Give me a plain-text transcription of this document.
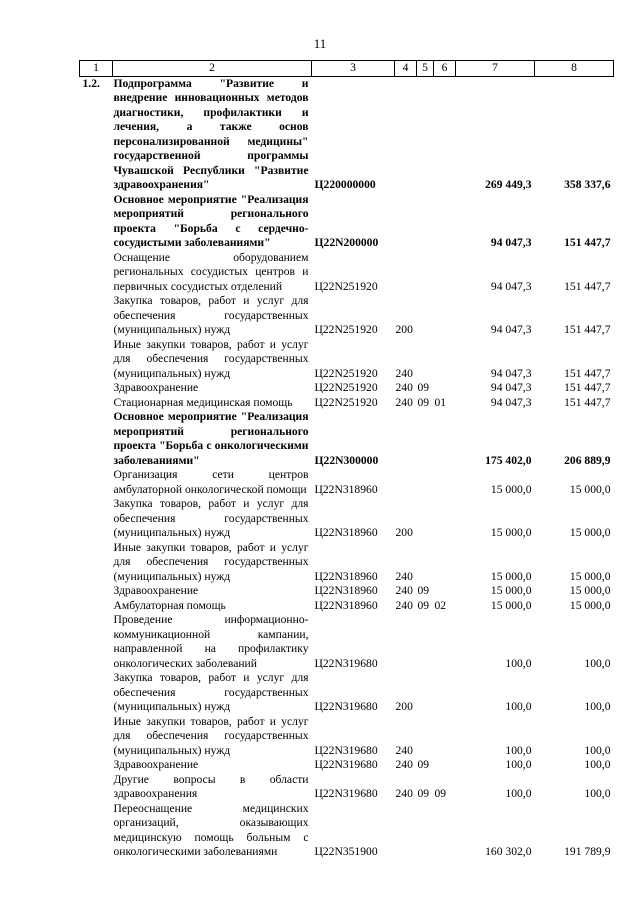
11
1	2	3	4	5	6	7	8
1.2.	Подпрограмма "Развитие и внедрение инновационных методов диагностики, профилактики и лечения, а также основ персонализированной медицины" государственной программы Чувашской Республики "Развитие здравоохранения"	Ц220000000				269 449,3	358 337,6
	Основное мероприятие "Реализация мероприятий регионального проекта "Борьба с сердечно-сосудистыми заболеваниями"	Ц22N200000				94 047,3	151 447,7
	Оснащение оборудованием региональных сосудистых центров и первичных сосудистых отделений	Ц22N251920				94 047,3	151 447,7
	Закупка товаров, работ и услуг для обеспечения государственных (муниципальных) нужд	Ц22N251920	200			94 047,3	151 447,7
	Иные закупки товаров, работ и услуг для обеспечения государственных (муниципальных) нужд	Ц22N251920	240			94 047,3	151 447,7
	Здравоохранение	Ц22N251920	240	09		94 047,3	151 447,7
	Стационарная медицинская помощь	Ц22N251920	240	09	01	94 047,3	151 447,7
	Основное мероприятие "Реализация мероприятий регионального проекта "Борьба с онкологическими заболеваниями"	Ц22N300000				175 402,0	206 889,9
	Организация сети центров амбулаторной онкологической помощи	Ц22N318960				15 000,0	15 000,0
	Закупка товаров, работ и услуг для обеспечения государственных (муниципальных) нужд	Ц22N318960	200			15 000,0	15 000,0
	Иные закупки товаров, работ и услуг для обеспечения государственных (муниципальных) нужд	Ц22N318960	240			15 000,0	15 000,0
	Здравоохранение	Ц22N318960	240	09		15 000,0	15 000,0
	Амбулаторная помощь	Ц22N318960	240	09	02	15 000,0	15 000,0
	Проведение информационно-коммуникационной кампании, направленной на профилактику онкологических заболеваний	Ц22N319680				100,0	100,0
	Закупка товаров, работ и услуг для обеспечения государственных (муниципальных) нужд	Ц22N319680	200			100,0	100,0
	Иные закупки товаров, работ и услуг для обеспечения государственных (муниципальных) нужд	Ц22N319680	240			100,0	100,0
	Здравоохранение	Ц22N319680	240	09		100,0	100,0
	Другие вопросы в области здравоохранения	Ц22N319680	240	09	09	100,0	100,0
	Переоснащение медицинских организаций, оказывающих медицинскую помощь больным с онкологическими заболеваниями	Ц22N351900				160 302,0	191 789,9
